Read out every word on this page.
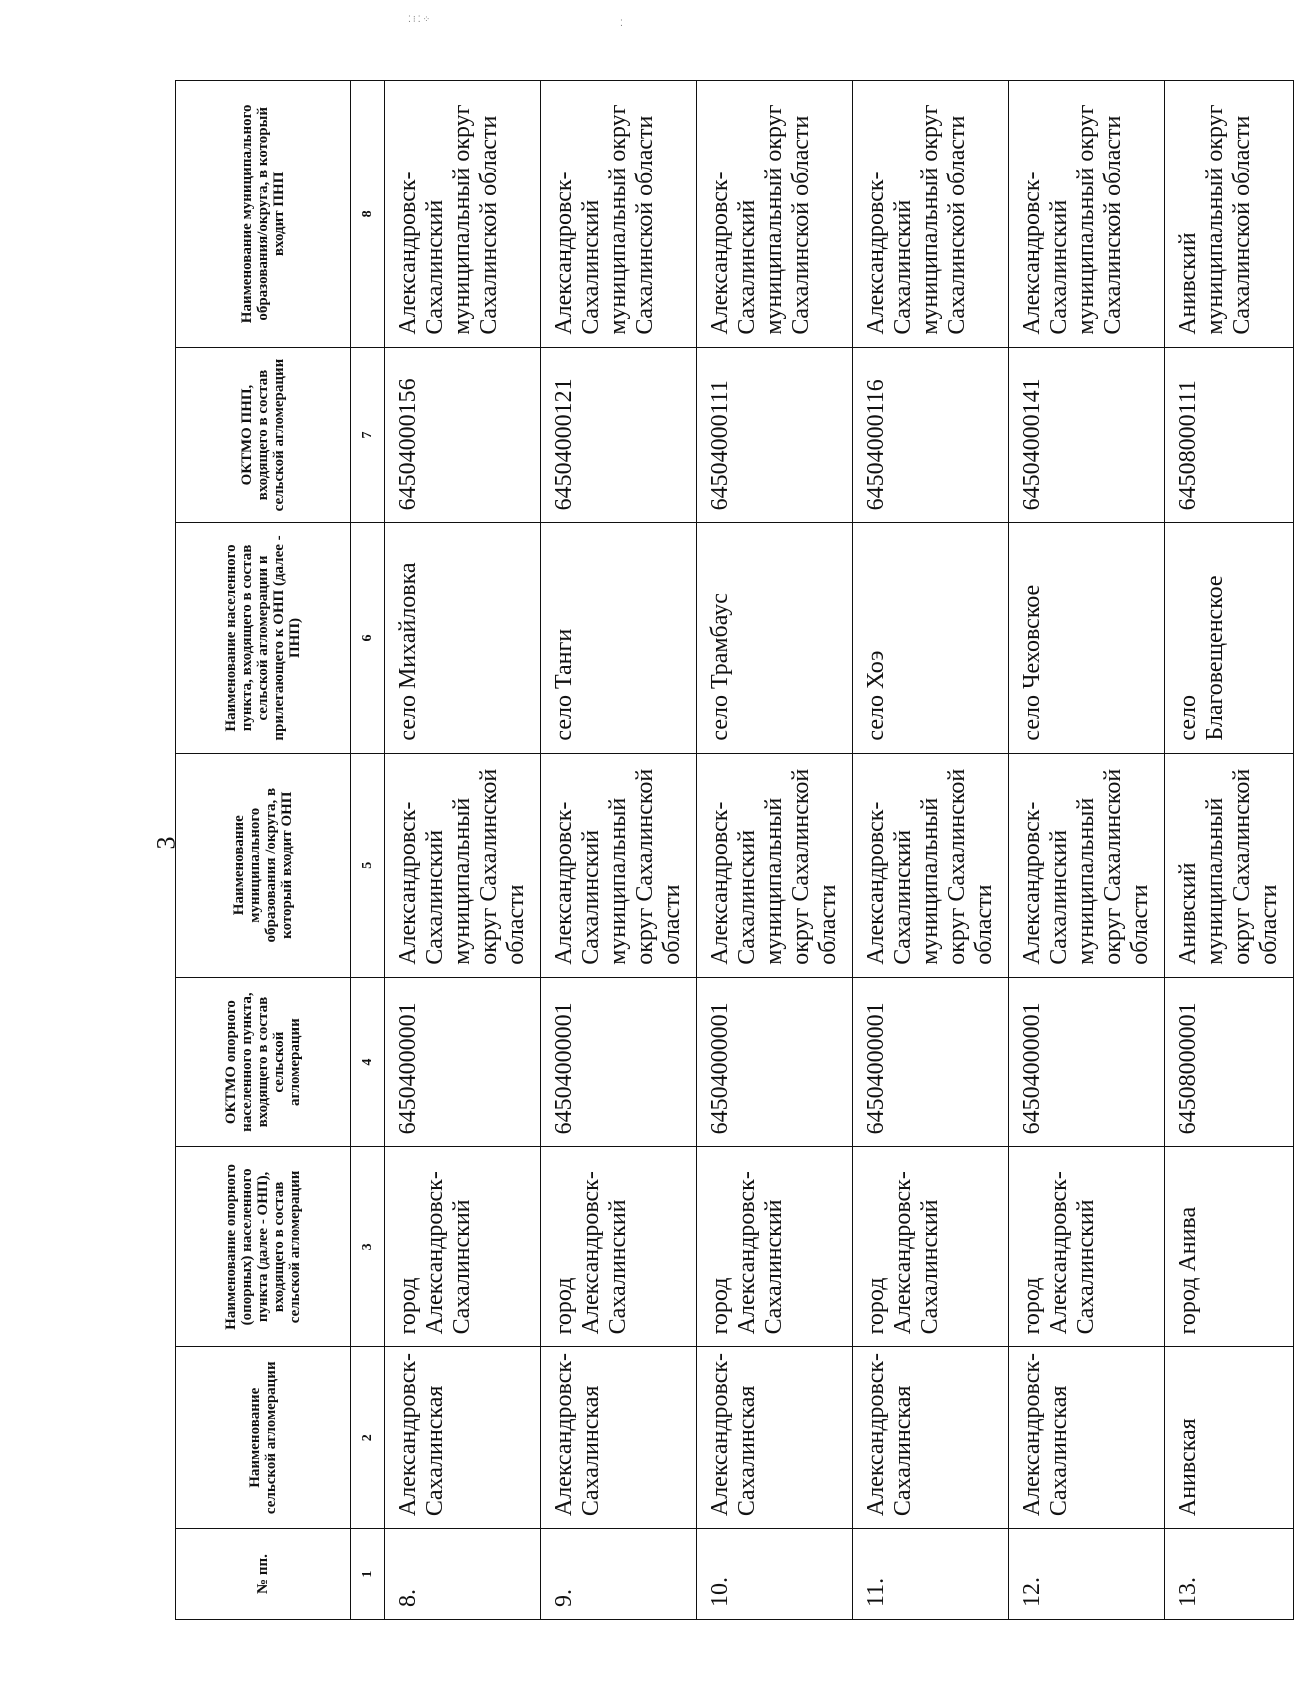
⁚⁝⁚⁘	⁚
3
№ пп.	Наименование сельской агломерации	Наименование опорного (опорных) населенного пункта (далее - ОНП), входящего в состав сельской агломерации	ОКТМО опорного населенного пункта, входящего в состав сельской агломерации	Наименование муниципального образования /округа, в который входит ОНП	Наименование населенного пункта, входящего в состав сельской агломерации и прилегающего к ОНП (далее - ПНП)	ОКТМО ПНП, входящего в состав сельской агломерации	Наименование муниципального образования/округа, в который входит ПНП
1	2	3	4	5	6	7	8
8.	Александровск-Сахалинская	город Александровск-Сахалинский	64504000001	Александровск-Сахалинский муниципальный округ Сахалинской области	село Михайловка	64504000156	Александровск-Сахалинский муниципальный округ Сахалинской области
9.	Александровск-Сахалинская	город Александровск-Сахалинский	64504000001	Александровск-Сахалинский муниципальный округ Сахалинской области	село Танги	64504000121	Александровск-Сахалинский муниципальный округ Сахалинской области
10.	Александровск-Сахалинская	город Александровск-Сахалинский	64504000001	Александровск-Сахалинский муниципальный округ Сахалинской области	село Трамбаус	64504000111	Александровск-Сахалинский муниципальный округ Сахалинской области
11.	Александровск-Сахалинская	город Александровск-Сахалинский	64504000001	Александровск-Сахалинский муниципальный округ Сахалинской области	село Хоэ	64504000116	Александровск-Сахалинский муниципальный округ Сахалинской области
12.	Александровск-Сахалинская	город Александровск-Сахалинский	64504000001	Александровск-Сахалинский муниципальный округ Сахалинской области	село Чеховское	64504000141	Александровск-Сахалинский муниципальный округ Сахалинской области
13.	Анивская	город Анива	64508000001	Анивский муниципальный округ Сахалинской области	село Благовещенское	64508000111	Анивский муниципальный округ Сахалинской области
